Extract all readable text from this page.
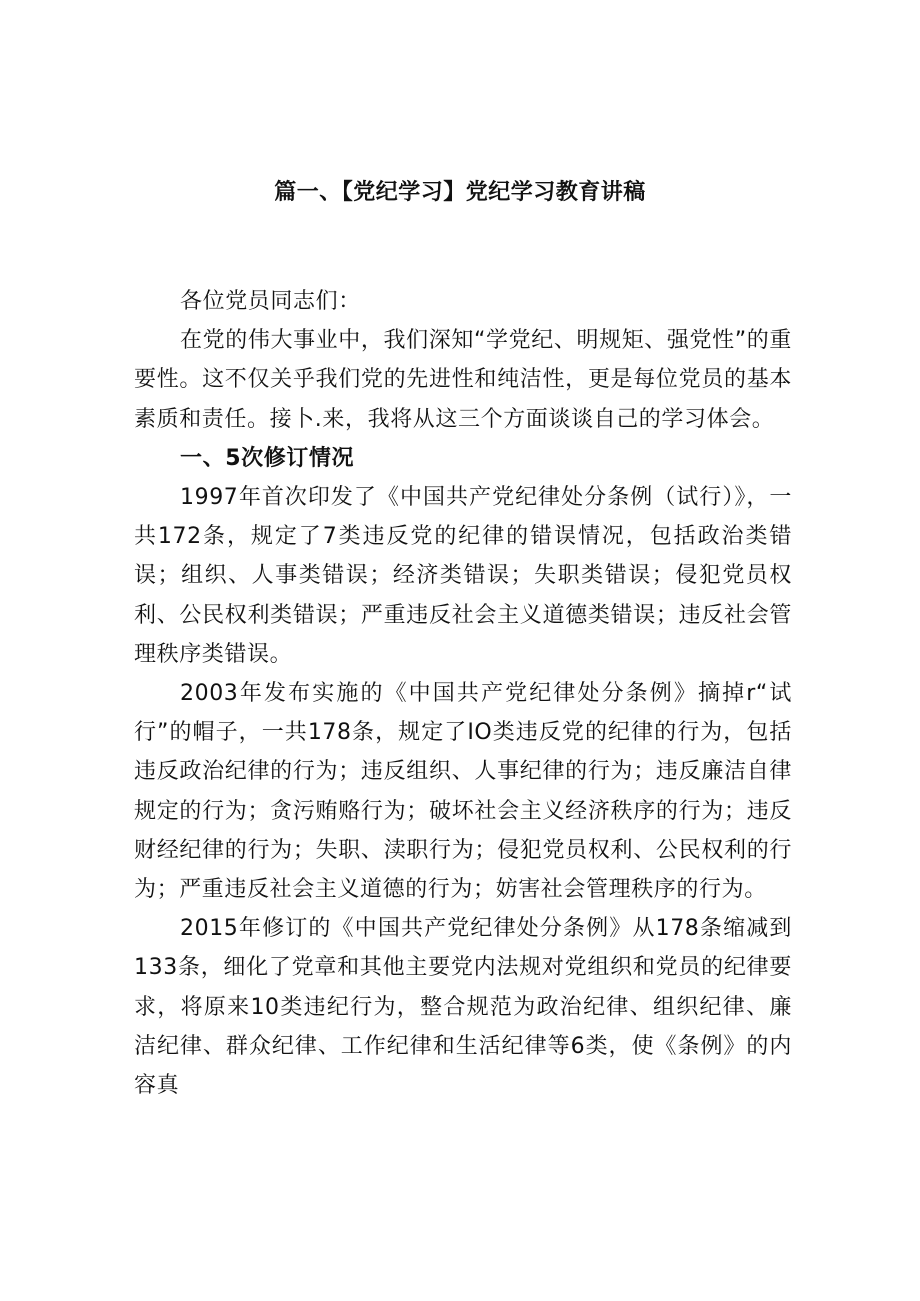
篇一、【党纪学习】党纪学习教育讲稿

各位党员同志们：

在党的伟大事业中，我们深知“学党纪、明规矩、强党性”的重要性。这不仅关乎我们党的先进性和纯洁性，更是每位党员的基本素质和责任。接卜.来，我将从这三个方面谈谈自己的学习体会。

一、5次修订情况

1997年首次印发了《中国共产党纪律处分条例（试行）》，一共172条，规定了7类违反党的纪律的错误情况，包括政治类错误；组织、人事类错误；经济类错误；失职类错误；侵犯党员权利、公民权利类错误；严重违反社会主义道德类错误；违反社会管理秩序类错误。

2003年发布实施的《中国共产党纪律处分条例》摘掉r“试行”的帽子，一共178条，规定了IO类违反党的纪律的行为，包括违反政治纪律的行为；违反组织、人事纪律的行为；违反廉洁自律规定的行为；贪污贿赂行为；破坏社会主义经济秩序的行为；违反财经纪律的行为；失职、渎职行为；侵犯党员权利、公民权利的行为；严重违反社会主义道德的行为；妨害社会管理秩序的行为。

2015年修订的《中国共产党纪律处分条例》从178条缩减到133条，细化了党章和其他主要党内法规对党组织和党员的纪律要求，将原来10类违纪行为，整合规范为政治纪律、组织纪律、廉洁纪律、群众纪律、工作纪律和生活纪律等6类，使《条例》的内容真
